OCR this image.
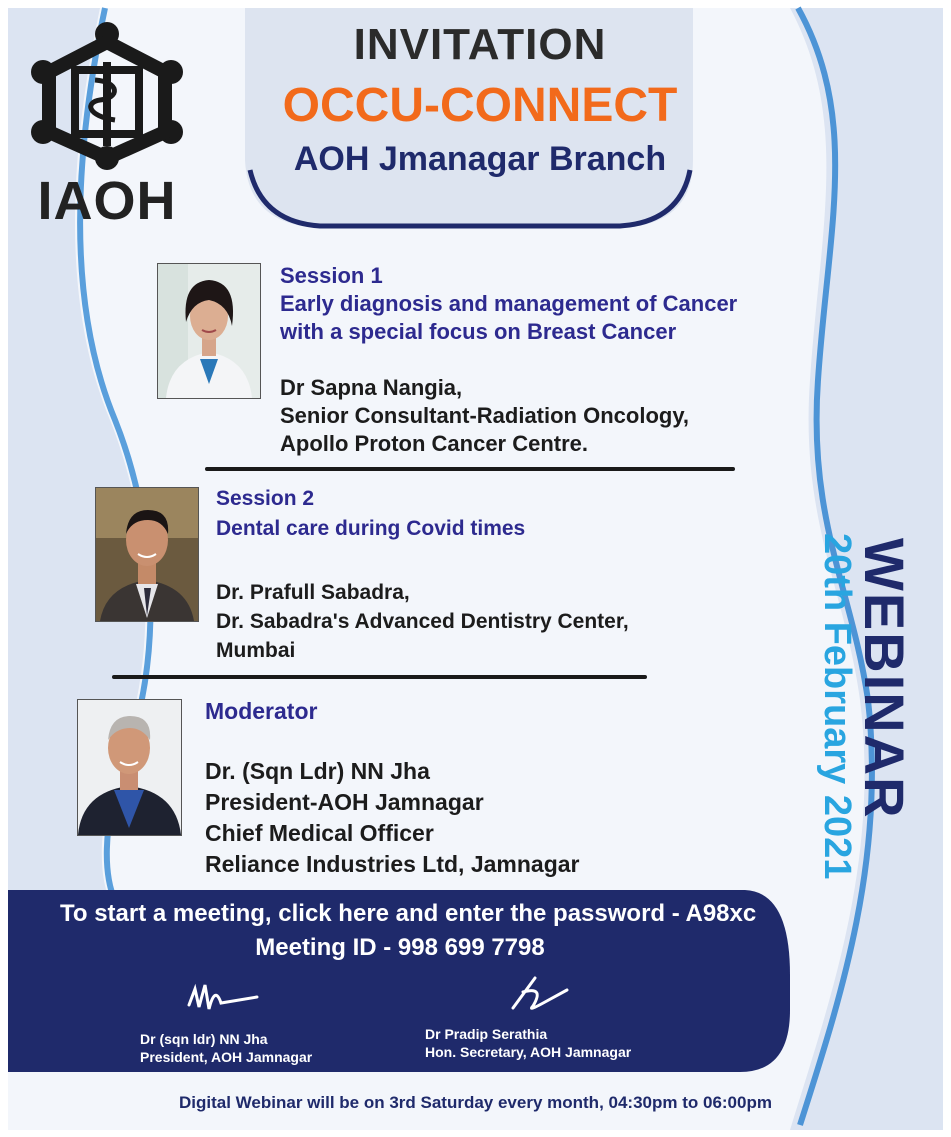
INVITATION
OCCU-CONNECT
AOH Jmanagar Branch
IAOH
Session 1
Early diagnosis and management of Cancer
with a special focus on Breast Cancer
Dr Sapna Nangia,
Senior Consultant-Radiation Oncology,
Apollo Proton Cancer Centre.
Session 2
Dental care during Covid times
Dr. Prafull Sabadra,
Dr. Sabadra's Advanced Dentistry Center,
Mumbai
Moderator
Dr. (Sqn Ldr) NN Jha
President-AOH Jamnagar
Chief Medical Officer
Reliance Industries Ltd, Jamnagar
WEBINAR
20th February 2021
To start a meeting, click here and enter the password - A98xc
Meeting ID - 998 699 7798
Dr (sqn ldr) NN Jha
President, AOH Jamnagar
Dr Pradip Serathia
Hon. Secretary, AOH Jamnagar
Digital Webinar will be on 3rd Saturday every month, 04:30pm to 06:00pm
